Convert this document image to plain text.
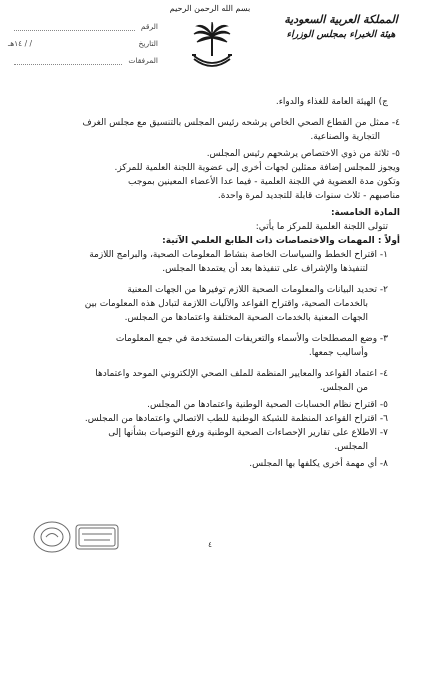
بسم الله الرحمن الرحيم
المملكة العربية السعودية
هيئة الخبراء بمجلس الوزراء
الرقم
التاريخ
/ / ١٤هـ
المرفقات

ج) الهيئة العامة للغذاء والدواء.

٤- ممثل من القطاع الصحي الخاص يرشحه رئيس المجلس بالتنسيق مع مجلس الغرف

التجارية والصناعية.

٥- ثلاثة من ذوي الاختصاص يرشحهم رئيس المجلس.

ويجوز للمجلس إضافة ممثلين لجهات أخرى إلى عضوية اللجنة العلمية للمركز.

وتكون مدة العضوية في اللجنة العلمية - فيما عدا الأعضاء المعينين بموجب

مناصبهم - ثلاث سنوات قابلة للتجديد لمرة واحدة.

المادة الخامسة:

تتولى اللجنة العلمية للمركز ما يأتي:

أولاً : المهمات والاختصاصات ذات الطابع العلمي الآتية:

١- اقتراح الخطط والسياسات الخاصة بنشاط المعلومات الصحية، والبرامج اللازمة

لتنفيذها والإشراف على تنفيذها بعد أن يعتمدها المجلس.

٢- تحديد البيانات والمعلومات الصحية اللازم توفيرها من الجهات المعنية

بالخدمات الصحية، واقتراح القواعد والآليات اللازمة لتبادل هذه المعلومات بين

الجهات المعنية بالخدمات الصحية المختلفة واعتمادها من المجلس.

٣- وضع المصطلحات والأسماء والتعريفات المستخدمة في جمع المعلومات

وأساليب جمعها.

٤- اعتماد القواعد والمعايير المنظمة للملف الصحي الإلكتروني الموحد واعتمادها

من المجلس.

٥- اقتراح نظام الحسابات الصحية الوطنية واعتمادها من المجلس.

٦- اقتراح القواعد المنظمة للشبكة الوطنية للطب الاتصالي واعتمادها من المجلس.

٧- الاطلاع على تقارير الإحصاءات الصحية الوطنية ورفع التوصيات بشأنها إلى

المجلس.

٨- أي مهمة أخرى يكلفها بها المجلس.

٤
